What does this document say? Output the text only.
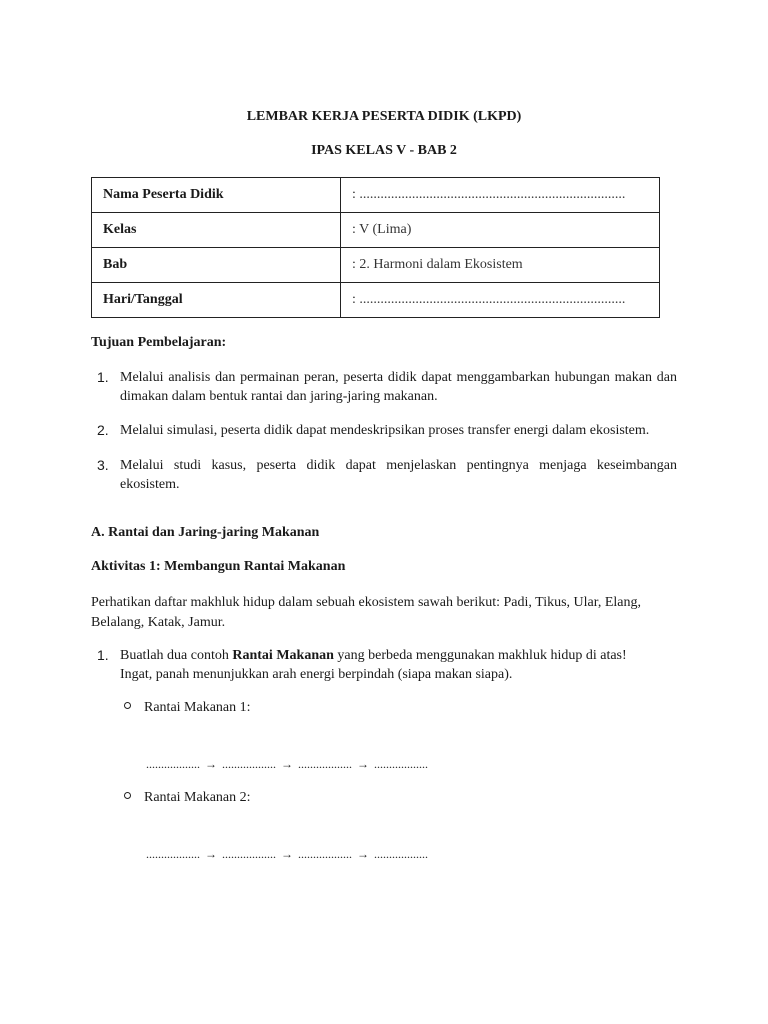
LEMBAR KERJA PESERTA DIDIK (LKPD)
IPAS KELAS V - BAB 2
Nama Peserta Didik	: ............................................................................
Kelas	: V (Lima)
Bab	: 2. Harmoni dalam Ekosistem
Hari/Tanggal	: ............................................................................
Tujuan Pembelajaran:
1. Melalui analisis dan permainan peran, peserta didik dapat menggambarkan hubungan makan dan dimakan dalam bentuk rantai dan jaring-jaring makanan.
2. Melalui simulasi, peserta didik dapat mendeskripsikan proses transfer energi dalam ekosistem.
3. Melalui studi kasus, peserta didik dapat menjelaskan pentingnya menjaga keseimbangan ekosistem.
A. Rantai dan Jaring-jaring Makanan
Aktivitas 1: Membangun Rantai Makanan
Perhatikan daftar makhluk hidup dalam sebuah ekosistem sawah berikut: Padi, Tikus, Ular, Elang, Belalang, Katak, Jamur.
1. Buatlah dua contoh Rantai Makanan yang berbeda menggunakan makhluk hidup di atas! Ingat, panah menunjukkan arah energi berpindah (siapa makan siapa).
Rantai Makanan 1:
.................. → .................. → .................. → ..................
Rantai Makanan 2:
.................. → .................. → .................. → ..................
